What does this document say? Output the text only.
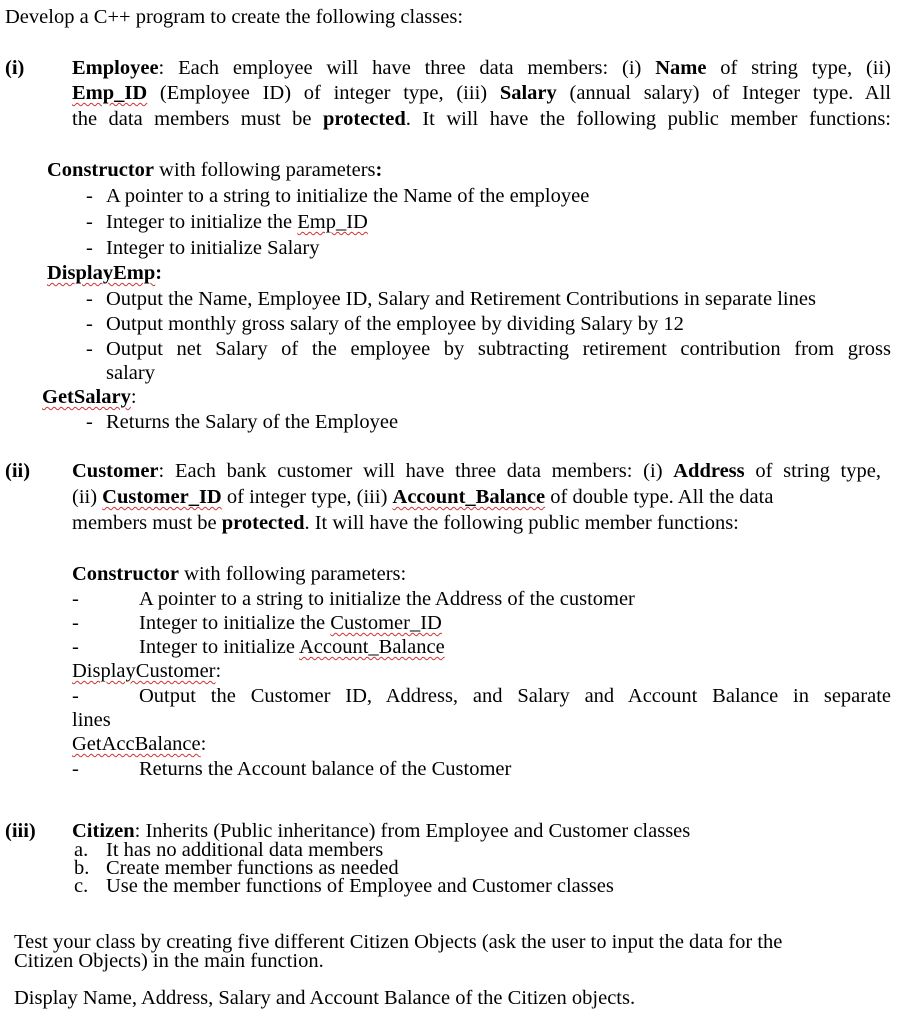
Develop a C++ program to create the following classes:
(i) Employee: Each employee will have three data members: (i) Name of string type, (ii)
Emp_ID (Employee ID) of integer type, (iii) Salary (annual salary) of Integer type. All
the data members must be protected. It will have the following public member functions:
Constructor with following parameters:
- A pointer to a string to initialize the Name of the employee
- Integer to initialize the Emp_ID
- Integer to initialize Salary
DisplayEmp:
- Output the Name, Employee ID, Salary and Retirement Contributions in separate lines
- Output monthly gross salary of the employee by dividing Salary by 12
- Output net Salary of the employee by subtracting retirement contribution from gross
salary
GetSalary:
- Returns the Salary of the Employee
(ii) Customer: Each bank customer will have three data members: (i) Address of string type,
(ii) Customer_ID of integer type, (iii) Account_Balance of double type. All the data
members must be protected. It will have the following public member functions:
Constructor with following parameters:
-	A pointer to a string to initialize the Address of the customer
-	Integer to initialize the Customer_ID
-	Integer to initialize Account_Balance
DisplayCustomer:
-	Output the Customer ID, Address, and Salary and Account Balance in separate
lines
GetAccBalance:
-	Returns the Account balance of the Customer
(iii) Citizen: Inherits (Public inheritance) from Employee and Customer classes
a. It has no additional data members
b. Create member functions as needed
c. Use the member functions of Employee and Customer classes
Test your class by creating five different Citizen Objects (ask the user to input the data for the
Citizen Objects) in the main function.
Display Name, Address, Salary and Account Balance of the Citizen objects.
